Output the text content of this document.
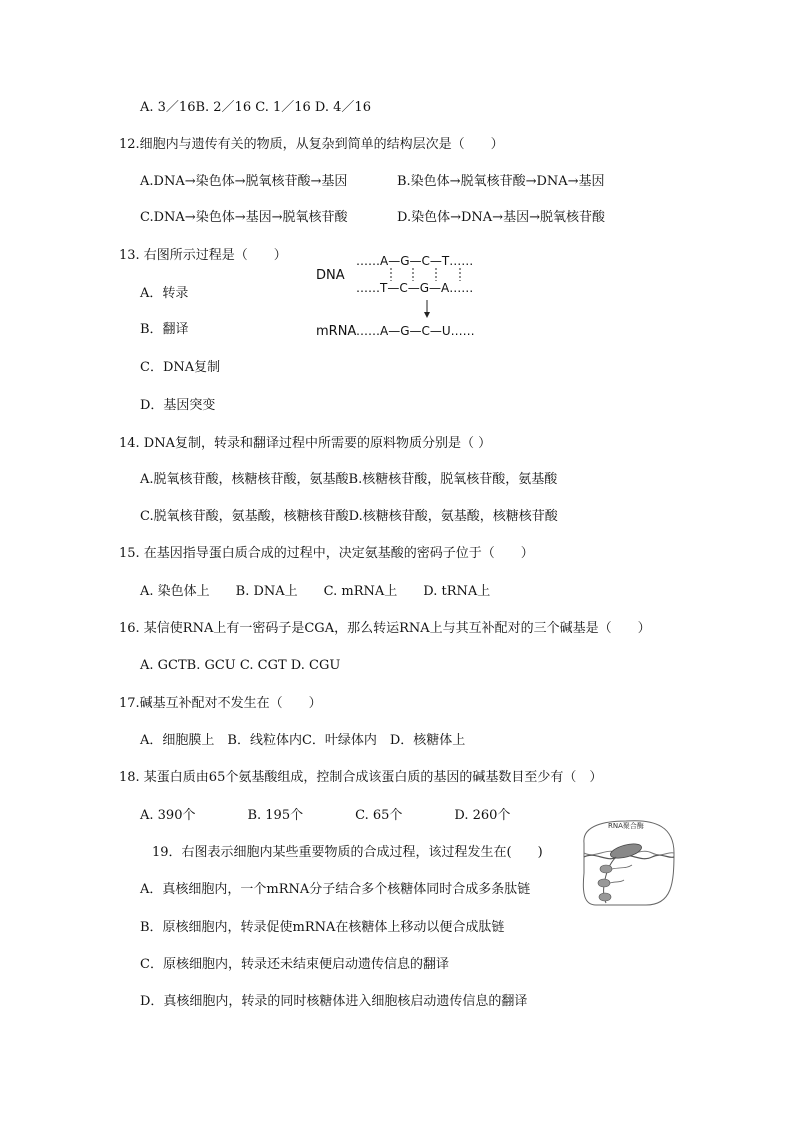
A. 3／16B. 2／16 C. 1／16 D. 4／16
12.细胞内与遗传有关的物质，从复杂到简单的结构层次是（　　）
A.DNA→染色体→脱氧核苷酸→基因	B.染色体→脱氧核苷酸→DNA→基因
C.DNA→染色体→基因→脱氧核苷酸	D.染色体→DNA→基因→脱氧核苷酸
13. 右图所示过程是（　　）
A．转录
B．翻译
C．DNA复制
D．基因突变
DNA
……A—G—C—T……
……T—C—G—A……
mRNA ……A—G—C—U……
14. DNA复制，转录和翻译过程中所需要的原料物质分别是（ ）
A.脱氧核苷酸，核糖核苷酸，氨基酸B.核糖核苷酸，脱氧核苷酸，氨基酸
C.脱氧核苷酸，氨基酸，核糖核苷酸D.核糖核苷酸，氨基酸，核糖核苷酸
15. 在基因指导蛋白质合成的过程中，决定氨基酸的密码子位于（　　）
A. 染色体上　　B. DNA上　　C. mRNA上　　D. tRNA上
16. 某信使RNA上有一密码子是CGA，那么转运RNA上与其互补配对的三个碱基是（　　）
A. GCTB. GCU C. CGT D. CGU
17.碱基互补配对不发生在（　　）
A．细胞膜上　B．线粒体内C．叶绿体内　D．核糖体上
18. 某蛋白质由65个氨基酸组成，控制合成该蛋白质的基因的碱基数目至少有（　）
A. 390个　　　　B. 195个　　　　C. 65个　　　　D. 260个
19．右图表示细胞内某些重要物质的合成过程，该过程发生在(　　)
A．真核细胞内，一个mRNA分子结合多个核糖体同时合成多条肽链
B．原核细胞内，转录促使mRNA在核糖体上移动以便合成肽链
C．原核细胞内，转录还未结束便启动遗传信息的翻译
D．真核细胞内，转录的同时核糖体进入细胞核启动遗传信息的翻译
RNA聚合酶
